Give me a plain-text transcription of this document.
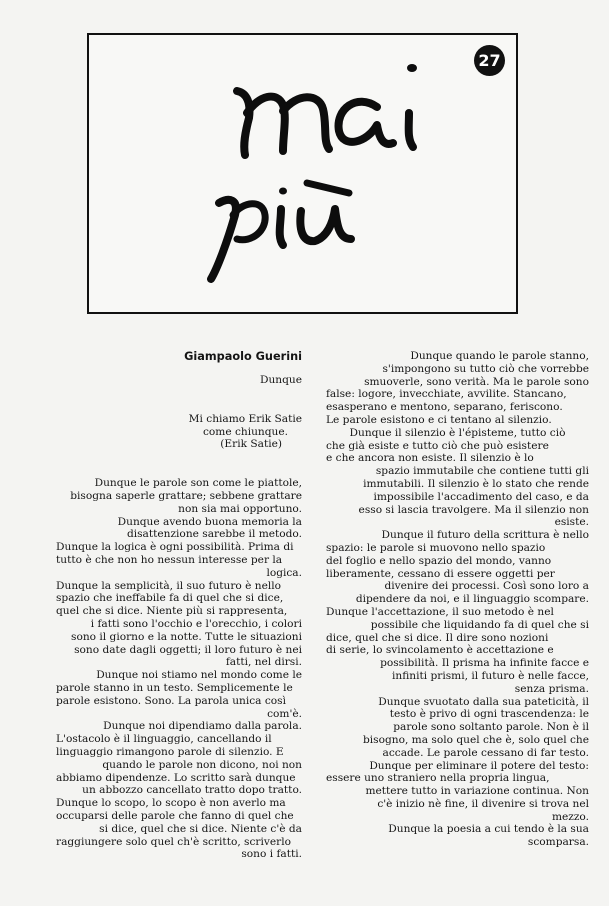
27
Giampaolo Guerini
Dunque
Mi chiamo Erik Satie
come chiunque.
(Erik Satie)
Dunque le parole son come le piattole,
bisogna saperle grattare; sebbene grattare
non sia mai opportuno.
Dunque avendo buona memoria la
disattenzione sarebbe il metodo.
Dunque la logica è ogni possibilità. Prima di
tutto è che non ho nessun interesse per la
logica.
Dunque la semplicità, il suo futuro è nello
spazio che ineffabile fa di quel che si dice,
quel che si dice. Niente più si rappresenta,
i fatti sono l'occhio e l'orecchio, i colori
sono il giorno e la notte. Tutte le situazioni
sono date dagli oggetti; il loro futuro è nei
fatti, nel dirsi.
Dunque noi stiamo nel mondo come le
parole stanno in un testo. Semplicemente le
parole esistono. Sono. La parola unica così
com'è.
Dunque noi dipendiamo dalla parola.
L'ostacolo è il linguaggio, cancellando il
linguaggio rimangono parole di silenzio. E
quando le parole non dicono, noi non
abbiamo dipendenze. Lo scritto sarà dunque
un abbozzo cancellato tratto dopo tratto.
Dunque lo scopo, lo scopo è non averlo ma
occuparsi delle parole che fanno di quel che
si dice, quel che si dice. Niente c'è da
raggiungere solo quel ch'è scritto, scriverlo
sono i fatti.
Dunque quando le parole stanno,
s'impongono su tutto ciò che vorrebbe
smuoverle, sono verità. Ma le parole sono
false: logore, invecchiate, avvilite. Stancano,
esasperano e mentono, separano, feriscono.
Le parole esistono e ci tentano al silenzio.
Dunque il silenzio è l'épisteme, tutto ciò
che già esiste e tutto ciò che può esistere
e che ancora non esiste. Il silenzio è lo
spazio immutabile che contiene tutti gli
immutabili. Il silenzio è lo stato che rende
impossibile l'accadimento del caso, e da
esso si lascia travolgere. Ma il silenzio non
esiste.
Dunque il futuro della scrittura è nello
spazio: le parole si muovono nello spazio
del foglio e nello spazio del mondo, vanno
liberamente, cessano di essere oggetti per
divenire dei processi. Così sono loro a
dipendere da noi, e il linguaggio scompare.
Dunque l'accettazione, il suo metodo è nel
possibile che liquidando fa di quel che si
dice, quel che si dice. Il dire sono nozioni
di serie, lo svincolamento è accettazione e
possibilità. Il prisma ha infinite facce e
infiniti prismi, il futuro è nelle facce,
senza prisma.
Dunque svuotato dalla sua pateticità, il
testo è privo di ogni trascendenza: le
parole sono soltanto parole. Non è il
bisogno, ma solo quel che è, solo quel che
accade. Le parole cessano di far testo.
Dunque per eliminare il potere del testo:
essere uno straniero nella propria lingua,
mettere tutto in variazione continua. Non
c'è inizio nè fine, il divenire si trova nel
mezzo.
Dunque la poesia a cui tendo è la sua
scomparsa.
